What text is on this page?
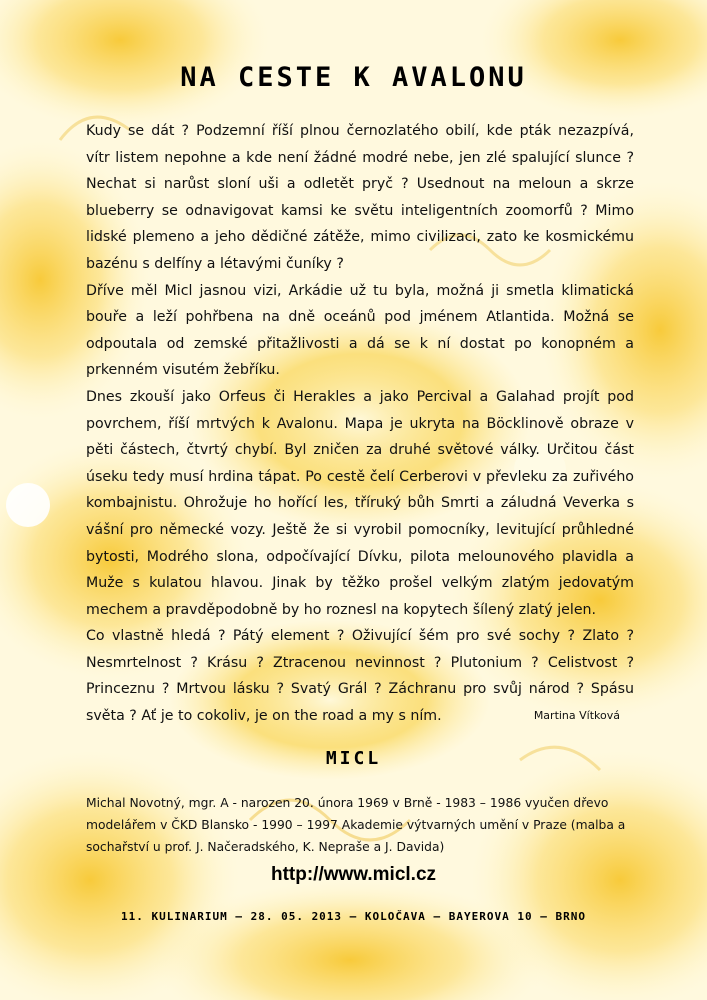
NA CESTE K AVALONU

Kudy se dát ? Podzemní říší plnou černozlatého obilí, kde pták nezazpívá, vítr listem nepohne a kde není žádné modré nebe, jen zlé spalující slunce ? Nechat si narůst sloní uši a odletět pryč ? Usednout na meloun a skrze blueberry se odnavigovat kamsi ke světu inteligentních zoomorfů ? Mimo lidské plemeno a jeho dědičné zátěže, mimo civilizaci, zato ke kosmickému bazénu s delfíny a létavými čuníky ?

Dříve měl Micl jasnou vizi, Arkádie už tu byla, možná ji smetla klimatická bouře a leží pohřbena na dně oceánů pod jménem Atlantida. Možná se odpoutala od zemské přitažlivosti a dá se k ní dostat po konopném a prkenném visutém žebříku.

Dnes zkouší jako Orfeus či Herakles a jako Percival a Galahad projít pod povrchem, říší mrtvých k Avalonu. Mapa je ukryta na Böcklinově obraze v pěti částech, čtvrtý chybí. Byl zničen za druhé světové války. Určitou část úseku tedy musí hrdina tápat. Po cestě čelí Cerberovi v převleku za zuřivého kombajnistu. Ohrožuje ho hořící les, tříruký bůh Smrti a záludná Veverka s vášní pro německé vozy. Ještě že si vyrobil pomocníky, levitující průhledné bytosti, Modrého slona, odpočívající Dívku, pilota melounového plavidla a Muže s kulatou hlavou. Jinak by těžko prošel velkým zlatým jedovatým mechem a pravděpodobně by ho roznesl na kopytech šílený zlatý jelen.

Co vlastně hledá ? Pátý element ? Oživující šém pro své sochy ? Zlato ? Nesmrtelnost ? Krásu ? Ztracenou nevinnost ? Plutonium ? Celistvost ? Princeznu ? Mrtvou lásku ? Svatý Grál ? Záchranu pro svůj národ ? Spásu světa ? Ať je to cokoliv, je on the road a my s ním.	Martina Vítková

MICL
Michal Novotný, mgr. A - narozen 20. února 1969 v Brně - 1983 – 1986 vyučen dřevo modelářem v ČKD Blansko - 1990 – 1997 Akademie výtvarných umění v Praze (malba a sochařství u prof. J. Načeradského, K. Nepraše a J. Davida)
http://www.micl.cz
11. KULINARIUM – 28. 05. 2013 – KOLOČAVA – BAYEROVA 10 – BRNO
